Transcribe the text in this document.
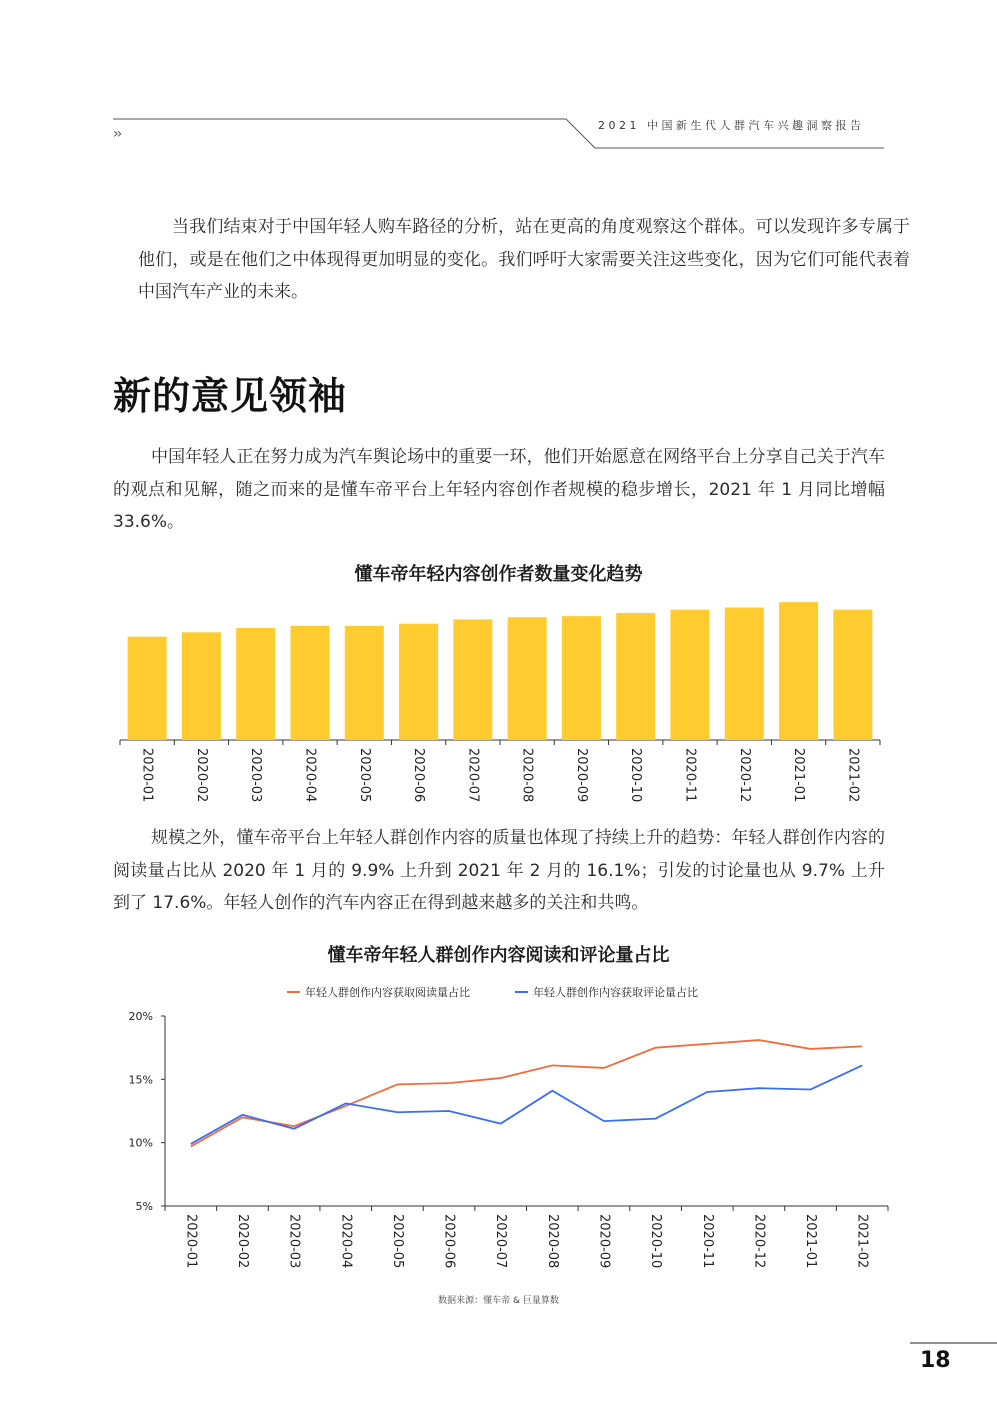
2021 中国新生代人群汽车兴趣洞察报告
››

当我们结束对于中国年轻人购车路径的分析，站在更高的角度观察这个群体。可以发现许多专属于他们，或是在他们之中体现得更加明显的变化。我们呼吁大家需要关注这些变化，因为它们可能代表着中国汽车产业的未来。

新的意见领袖

中国年轻人正在努力成为汽车舆论场中的重要一环，他们开始愿意在网络平台上分享自己关于汽车的观点和见解，随之而来的是懂车帝平台上年轻内容创作者规模的稳步增长，2021 年 1 月同比增幅 33.6%。

懂车帝年轻内容创作者数量变化趋势
2020-01	2020-02	2020-03	2020-04	2020-05	2020-06	2020-07	2020-08	2020-09	2020-10	2020-11	2020-12	2021-01	2021-02

规模之外，懂车帝平台上年轻人群创作内容的质量也体现了持续上升的趋势：年轻人群创作内容的阅读量占比从 2020 年 1 月的 9.9% 上升到 2021 年 2 月的 16.1%；引发的讨论量也从 9.7% 上升到了 17.6%。年轻人创作的汽车内容正在得到越来越多的关注和共鸣。

懂车帝年轻人群创作内容阅读和评论量占比
年轻人群创作内容获取阅读量占比	年轻人群创作内容获取评论量占比
5%
10%
15%
20%
2020-01	2020-02	2020-03	2020-04	2020-05	2020-06	2020-07	2020-08	2020-09	2020-10	2020-11	2020-12	2021-01	2021-02
数据来源：懂车帝 & 巨量算数
18
